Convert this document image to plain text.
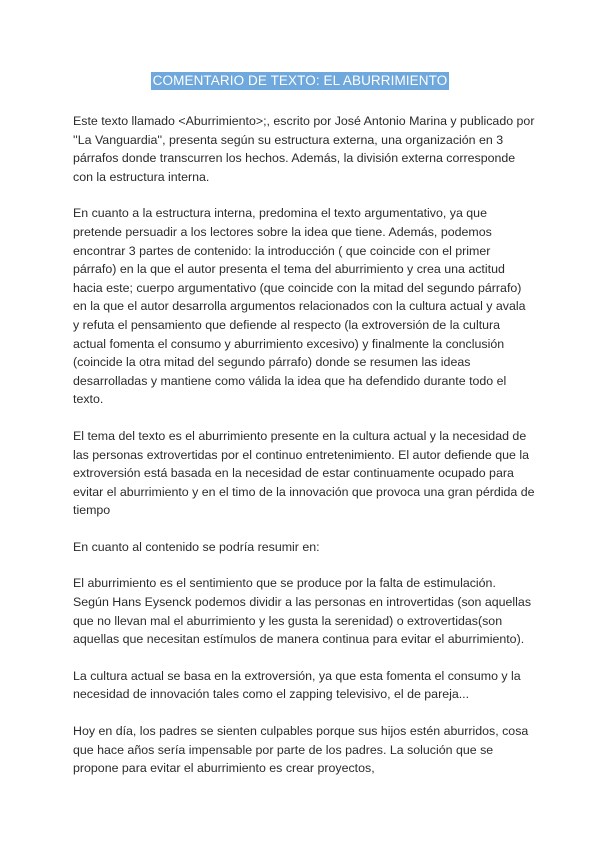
COMENTARIO DE TEXTO: EL ABURRIMIENTO

Este texto llamado <Aburrimiento>;, escrito por José Antonio Marina y publicado por ''La Vanguardia'', presenta según su estructura externa, una organización en 3 párrafos donde transcurren los hechos. Además, la división externa corresponde con la estructura interna.

En cuanto a la estructura interna, predomina el texto argumentativo, ya que pretende persuadir a los lectores sobre la idea que tiene. Además, podemos encontrar 3 partes de contenido: la introducción ( que coincide con el primer párrafo) en la que el autor presenta el tema del aburrimiento y crea una actitud hacia este; cuerpo argumentativo (que coincide con la mitad del segundo párrafo) en la que el autor desarrolla argumentos relacionados con la cultura actual y avala y refuta el pensamiento que defiende al respecto (la extroversión de la cultura actual fomenta el consumo y aburrimiento excesivo) y finalmente la conclusión (coincide la otra mitad del segundo párrafo) donde se resumen las ideas desarrolladas y mantiene como válida la idea que ha defendido durante todo el texto.

El tema del texto es el aburrimiento presente en la cultura actual y la necesidad de las personas extrovertidas por el continuo entretenimiento. El autor defiende que la extroversión está basada en la necesidad de estar continuamente ocupado para evitar el aburrimiento y en el timo de la innovación que provoca una gran pérdida de tiempo

En cuanto al contenido se podría resumir en:

El aburrimiento es el sentimiento que se produce por la falta de estimulación. Según Hans Eysenck podemos dividir a las personas en introvertidas (son aquellas que no llevan mal el aburrimiento y les gusta la serenidad) o extrovertidas(son aquellas que necesitan estímulos de manera continua para evitar el aburrimiento).

La cultura actual se basa en la extroversión, ya que esta fomenta el consumo y la necesidad de innovación tales como el zapping televisivo, el de pareja...

Hoy en día, los padres se sienten culpables porque sus hijos estén aburridos, cosa que hace años sería impensable por parte de los padres. La solución que se propone para evitar el aburrimiento es crear proyectos,
